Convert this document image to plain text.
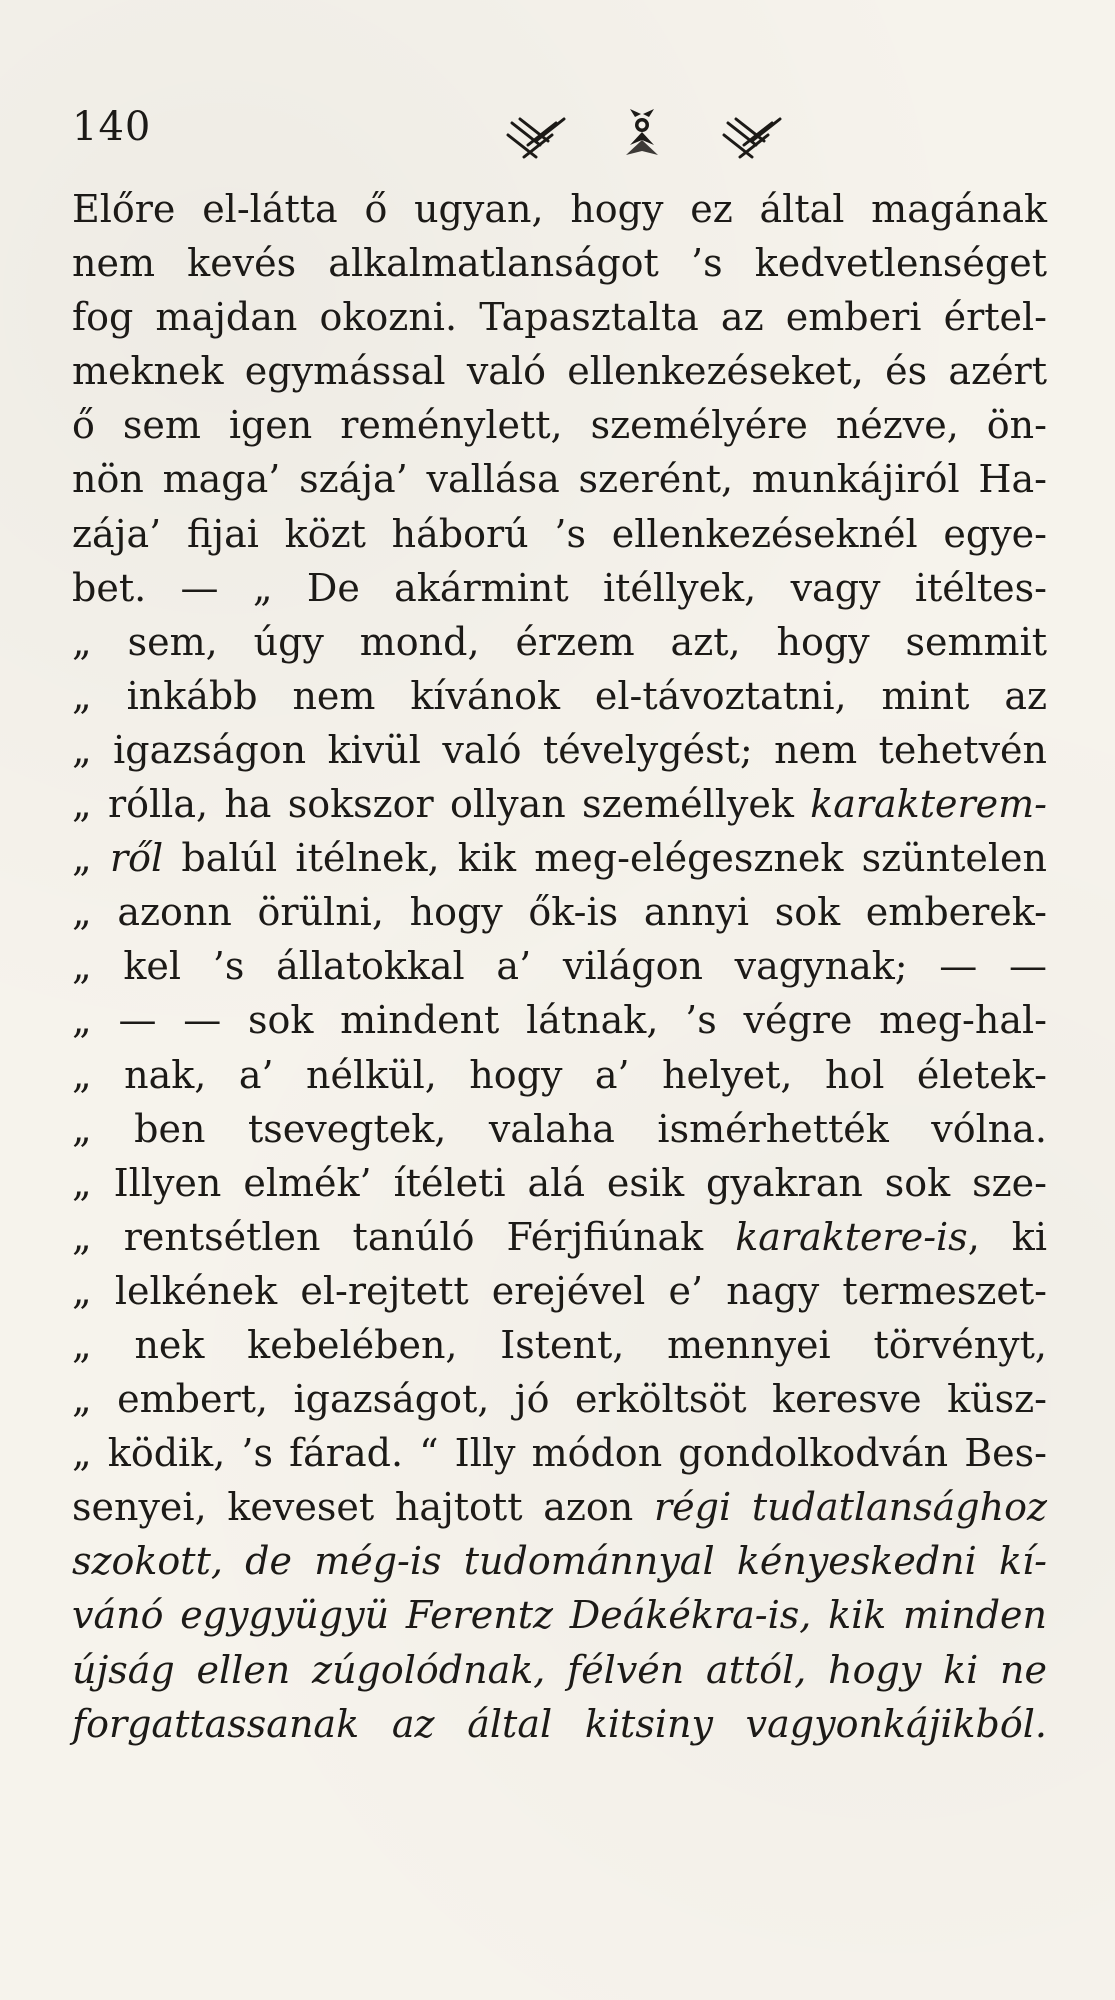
140
Előre el-látta ő ugyan, hogy ez által magának
nem kevés alkalmatlanságot ’s kedvetlenséget
fog majdan okozni. Tapasztalta az emberi értel-
meknek egymással való ellenkezéseket, és azért
ő sem igen reménylett, személyére nézve, ön-
nön maga’ szája’ vallása szerént, munkájiról Ha-
zája’ fijai közt háború ’s ellenkezéseknél egye-
bet. — „ De akármint itéllyek, vagy itéltes-
„ sem, úgy mond, érzem azt, hogy semmit
„ inkább nem kívánok el-távoztatni, mint az
„ igazságon kivül való tévelygést; nem tehetvén
„ rólla, ha sokszor ollyan személlyek karakterem-
„ ről balúl itélnek, kik meg-elégesznek szüntelen
„ azonn örülni, hogy ők-is annyi sok emberek-
„ kel ’s állatokkal a’ világon vagynak; — —
„ — — sok mindent látnak, ’s végre meg-hal-
„ nak, a’ nélkül, hogy a’ helyet, hol életek-
„ ben tsevegtek, valaha ismérhették vólna.
„ Illyen elmék’ ítéleti alá esik gyakran sok sze-
„ rentsétlen tanúló Férjfiúnak karaktere-is, ki
„ lelkének el-rejtett erejével e’ nagy termeszet-
„ nek kebelében, Istent, mennyei törvényt,
„ embert, igazságot, jó erköltsöt keresve küsz-
„ ködik, ’s fárad. “ Illy módon gondolkodván Bes-
senyei, keveset hajtott azon régi tudatlansághoz
szokott, de még-is tudománnyal kényeskedni kí-
vánó egygyügyü Ferentz Deákékra-is, kik minden
újság ellen zúgolódnak, félvén attól, hogy ki ne
forgattassanak az által kitsiny vagyonkájikból.
